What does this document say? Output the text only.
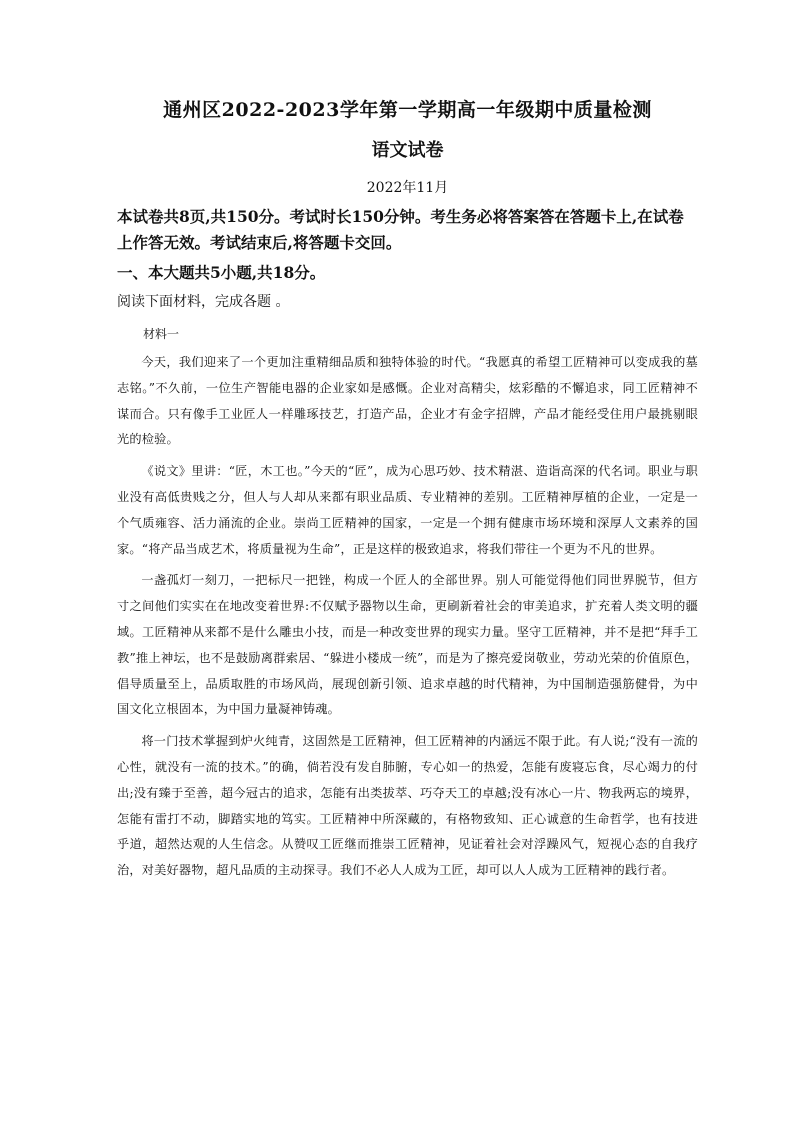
通州区2022-2023学年第一学期高一年级期中质量检测
语文试卷
2022年11月

本试卷共8页,共150分。考试时长150分钟。考生务必将答案答在答题卡上,在试卷上作答无效。考试结束后,将答题卡交回。

一、本大题共5小题,共18分。

阅读下面材料，完成各题 。

材料一

今天，我们迎来了一个更加注重精细品质和独特体验的时代。“我愿真的希望工匠精神可以变成我的墓志铭。”不久前，一位生产智能电器的企业家如是感慨。企业对高精尖，炫彩酷的不懈追求，同工匠精神不谋而合。只有像手工业匠人一样雕琢技艺，打造产品，企业才有金字招牌，产品才能经受住用户最挑剔眼光的检验。

《说文》里讲：“匠，木工也。”今天的“匠”，成为心思巧妙、技术精湛、造诣高深的代名词。职业与职业没有高低贵贱之分，但人与人却从来都有职业品质、专业精神的差别。工匠精神厚植的企业，一定是一个气质雍容、活力涌流的企业。崇尚工匠精神的国家，一定是一个拥有健康市场环境和深厚人文素养的国家。“将产品当成艺术，将质量视为生命”，正是这样的极致追求，将我们带往一个更为不凡的世界。

一盏孤灯一刻刀，一把标尺一把锉，构成一个匠人的全部世界。别人可能觉得他们同世界脱节，但方寸之间他们实实在在地改变着世界:不仅赋予器物以生命，更刷新着社会的审美追求，扩充着人类文明的疆域。工匠精神从来都不是什么雕虫小技，而是一种改变世界的现实力量。坚守工匠精神，并不是把“拜手工教”推上神坛，也不是鼓励离群索居、“躲进小楼成一统”，而是为了擦亮爱岗敬业，劳动光荣的价值原色，倡导质量至上，品质取胜的市场风尚，展现创新引领、追求卓越的时代精神，为中国制造强筋健骨，为中国文化立根固本，为中国力量凝神铸魂。

将一门技术掌握到炉火纯青，这固然是工匠精神，但工匠精神的内涵远不限于此。有人说;“没有一流的心性，就没有一流的技术。”的确，倘若没有发自肺腑，专心如一的热爱，怎能有废寝忘食，尽心竭力的付出;没有臻于至善，超今冠古的追求，怎能有出类拔萃、巧夺天工的卓越;没有冰心一片、物我两忘的境界，怎能有雷打不动，脚踏实地的笃实。工匠精神中所深藏的，有格物致知、正心诚意的生命哲学，也有技进乎道，超然达观的人生信念。从赞叹工匠继而推崇工匠精神，见证着社会对浮躁风气，短视心态的自我疗治，对美好器物，超凡品质的主动探寻。我们不必人人成为工匠，却可以人人成为工匠精神的践行者。
